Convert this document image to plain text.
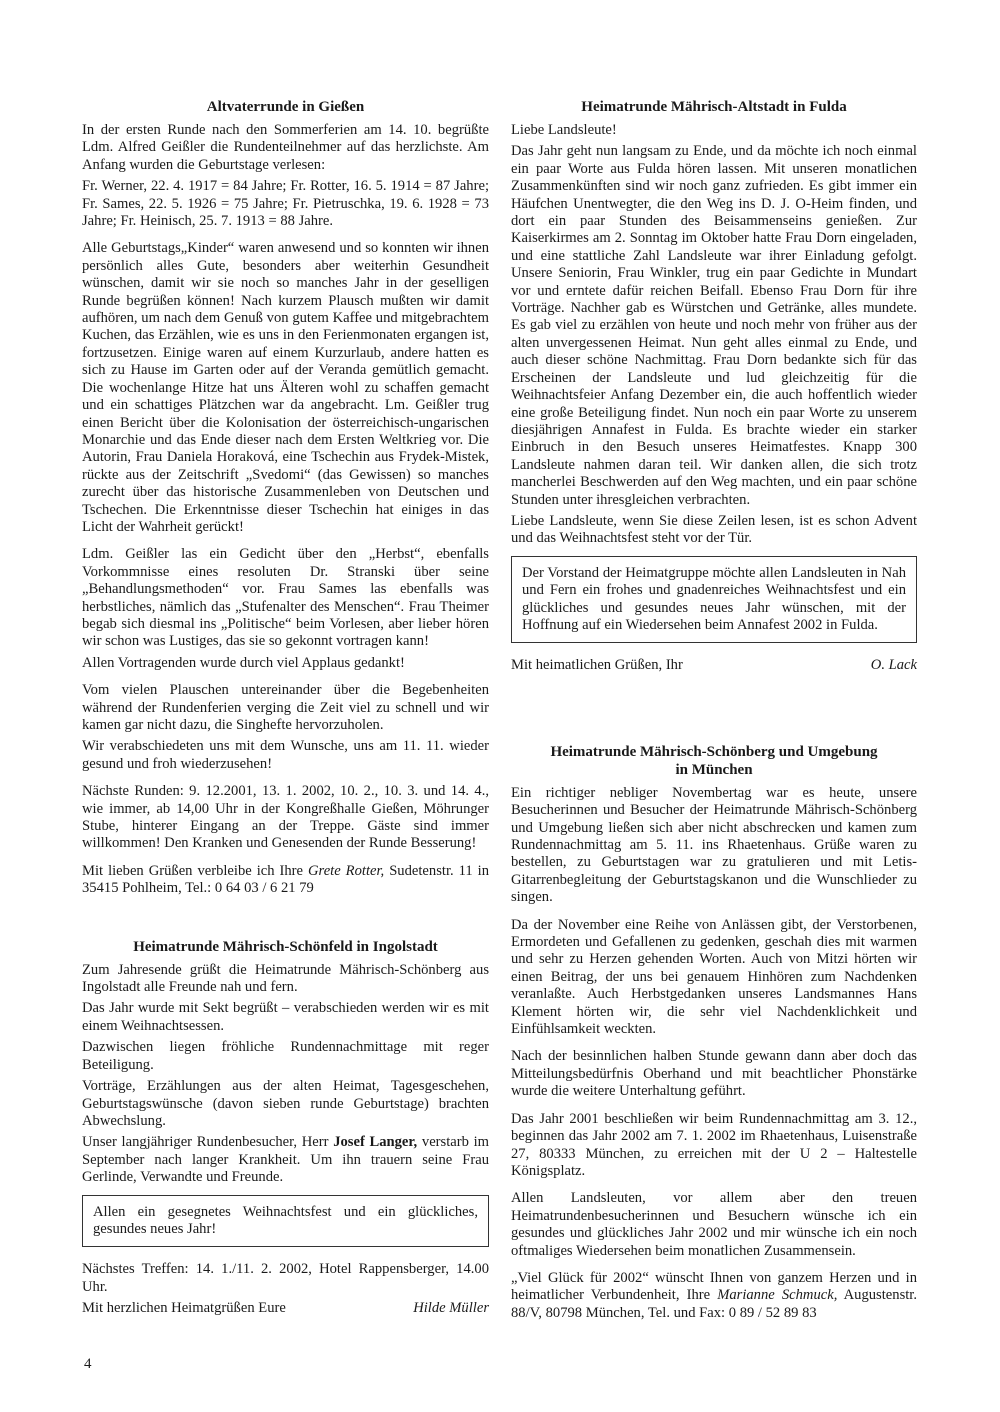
Altvaterrunde in Gießen

In der ersten Runde nach den Sommerferien am 14. 10. begrüßte Ldm. Alfred Geißler die Rundenteilnehmer auf das herzlichste. Am Anfang wurden die Geburtstage verlesen:

Fr. Werner, 22. 4. 1917 = 84 Jahre; Fr. Rotter, 16. 5. 1914 = 87 Jahre; Fr. Sames, 22. 5. 1926 = 75 Jahre; Fr. Pietruschka, 19. 6. 1928 = 73 Jahre; Fr. Heinisch, 25. 7. 1913 = 88 Jahre.

Alle Geburtstags„Kinder“ waren anwesend und so konnten wir ihnen persönlich alles Gute, besonders aber weiterhin Gesundheit wünschen, damit wir sie noch so manches Jahr in der geselligen Runde begrüßen können! Nach kurzem Plausch mußten wir damit aufhören, um nach dem Genuß von gutem Kaffee und mitgebrachtem Kuchen, das Erzählen, wie es uns in den Ferienmonaten ergangen ist, fortzusetzen. Einige waren auf einem Kurzurlaub, andere hatten es sich zu Hause im Garten oder auf der Veranda gemütlich gemacht. Die wochenlange Hitze hat uns Älteren wohl zu schaffen gemacht und ein schattiges Plätzchen war da angebracht. Lm. Geißler trug einen Bericht über die Kolonisation der österreichisch-ungarischen Monarchie und das Ende dieser nach dem Ersten Weltkrieg vor. Die Autorin, Frau Daniela Horaková, eine Tschechin aus Frydek-Mistek, rückte aus der Zeitschrift „Svedomi“ (das Gewissen) so manches zurecht über das historische Zusammenleben von Deutschen und Tschechen. Die Erkenntnisse dieser Tschechin hat einiges in das Licht der Wahrheit gerückt!

Ldm. Geißler las ein Gedicht über den „Herbst“, ebenfalls Vorkommnisse eines resoluten Dr. Stranski über seine „Behandlungsmethoden“ vor. Frau Sames las ebenfalls was herbstliches, nämlich das „Stufenalter des Menschen“. Frau Theimer begab sich diesmal ins „Politische“ beim Vorlesen, aber lieber hören wir schon was Lustiges, das sie so gekonnt vortragen kann!

Allen Vortragenden wurde durch viel Applaus gedankt!

Vom vielen Plauschen untereinander über die Begebenheiten während der Rundenferien verging die Zeit viel zu schnell und wir kamen gar nicht dazu, die Singhefte hervorzuholen.

Wir verabschiedeten uns mit dem Wunsche, uns am 11. 11. wieder gesund und froh wiederzusehen!

Nächste Runden: 9. 12.2001, 13. 1. 2002, 10. 2., 10. 3. und 14. 4., wie immer, ab 14,00 Uhr in der Kongreßhalle Gießen, Möhrunger Stube, hinterer Eingang an der Treppe. Gäste sind immer willkommen! Den Kranken und Genesenden der Runde Besserung!

Mit lieben Grüßen verbleibe ich Ihre Grete Rotter, Sudetenstr. 11 in 35415 Pohlheim, Tel.: 0 64 03 / 6 21 79

Heimatrunde Mährisch-Schönfeld in Ingolstadt

Zum Jahresende grüßt die Heimatrunde Mährisch-Schönberg aus Ingolstadt alle Freunde nah und fern.

Das Jahr wurde mit Sekt begrüßt – verabschieden werden wir es mit einem Weihnachtsessen.

Dazwischen liegen fröhliche Rundennachmittage mit reger Beteiligung.

Vorträge, Erzählungen aus der alten Heimat, Tagesgeschehen, Geburtstagswünsche (davon sieben runde Geburtstage) brachten Abwechslung.

Unser langjähriger Rundenbesucher, Herr Josef Langer, verstarb im September nach langer Krankheit. Um ihn trauern seine Frau Gerlinde, Verwandte und Freunde.

Allen ein gesegnetes Weihnachtsfest und ein glückliches, gesundes neues Jahr!

Nächstes Treffen: 14. 1./11. 2. 2002, Hotel Rappensberger, 14.00 Uhr.

Mit herzlichen Heimatgrüßen Eure	Hilde Müller
Heimatrunde Mährisch-Altstadt in Fulda

Liebe Landsleute!

Das Jahr geht nun langsam zu Ende, und da möchte ich noch einmal ein paar Worte aus Fulda hören lassen. Mit unseren monatlichen Zusammenkünften sind wir noch ganz zufrieden. Es gibt immer ein Häufchen Unentwegter, die den Weg ins D. J. O-Heim finden, und dort ein paar Stunden des Beisammenseins genießen. Zur Kaiserkirmes am 2. Sonntag im Oktober hatte Frau Dorn eingeladen, und eine stattliche Zahl Landsleute war ihrer Einladung gefolgt. Unsere Seniorin, Frau Winkler, trug ein paar Gedichte in Mundart vor und erntete dafür reichen Beifall. Ebenso Frau Dorn für ihre Vorträge. Nachher gab es Würstchen und Getränke, alles mundete. Es gab viel zu erzählen von heute und noch mehr von früher aus der alten unvergessenen Heimat. Nun geht alles einmal zu Ende, und auch dieser schöne Nachmittag. Frau Dorn bedankte sich für das Erscheinen der Landsleute und lud gleichzeitig für die Weihnachtsfeier Anfang Dezember ein, die auch hoffentlich wieder eine große Beteiligung findet. Nun noch ein paar Worte zu unserem diesjährigen Annafest in Fulda. Es brachte wieder ein starker Einbruch in den Besuch unseres Heimatfestes. Knapp 300 Landsleute nahmen daran teil. Wir danken allen, die sich trotz mancherlei Beschwerden auf den Weg machten, und ein paar schöne Stunden unter ihresgleichen verbrachten.

Liebe Landsleute, wenn Sie diese Zeilen lesen, ist es schon Advent und das Weihnachtsfest steht vor der Tür.

Der Vorstand der Heimatgruppe möchte allen Landsleuten in Nah und Fern ein frohes und gnadenreiches Weihnachtsfest und ein glückliches und gesundes neues Jahr wünschen, mit der Hoffnung auf ein Wiedersehen beim Annafest 2002 in Fulda.

Mit heimatlichen Grüßen, Ihr	O. Lack
Heimatrunde Mährisch-Schönberg und Umgebung
in München

Ein richtiger nebliger Novembertag war es heute, unsere Besucherinnen und Besucher der Heimatrunde Mährisch-Schönberg und Umgebung ließen sich aber nicht abschrecken und kamen zum Rundennachmittag am 5. 11. ins Rhaetenhaus. Grüße waren zu bestellen, zu Geburtstagen war zu gratulieren und mit Letis-Gitarrenbegleitung der Geburtstagskanon und die Wunschlieder zu singen.

Da der November eine Reihe von Anlässen gibt, der Verstorbenen, Ermordeten und Gefallenen zu gedenken, geschah dies mit warmen und sehr zu Herzen gehenden Worten. Auch von Mitzi hörten wir einen Beitrag, der uns bei genauem Hinhören zum Nachdenken veranlaßte. Auch Herbstgedanken unseres Landsmannes Hans Klement hörten wir, die sehr viel Nachdenklichkeit und Einfühlsamkeit weckten.

Nach der besinnlichen halben Stunde gewann dann aber doch das Mitteilungsbedürfnis Oberhand und mit beachtlicher Phonstärke wurde die weitere Unterhaltung geführt.

Das Jahr 2001 beschließen wir beim Rundennachmittag am 3. 12., beginnen das Jahr 2002 am 7. 1. 2002 im Rhaetenhaus, Luisenstraße 27, 80333 München, zu erreichen mit der U 2 – Haltestelle Königsplatz.

Allen Landsleuten, vor allem aber den treuen Heimatrundenbesucherinnen und Besuchern wünsche ich ein gesundes und glückliches Jahr 2002 und mir wünsche ich ein noch oftmaliges Wiedersehen beim monatlichen Zusammensein.

„Viel Glück für 2002“ wünscht Ihnen von ganzem Herzen und in heimatlicher Verbundenheit, Ihre Marianne Schmuck, Augustenstr. 88/V, 80798 München, Tel. und Fax: 0 89 / 52 89 83

4
